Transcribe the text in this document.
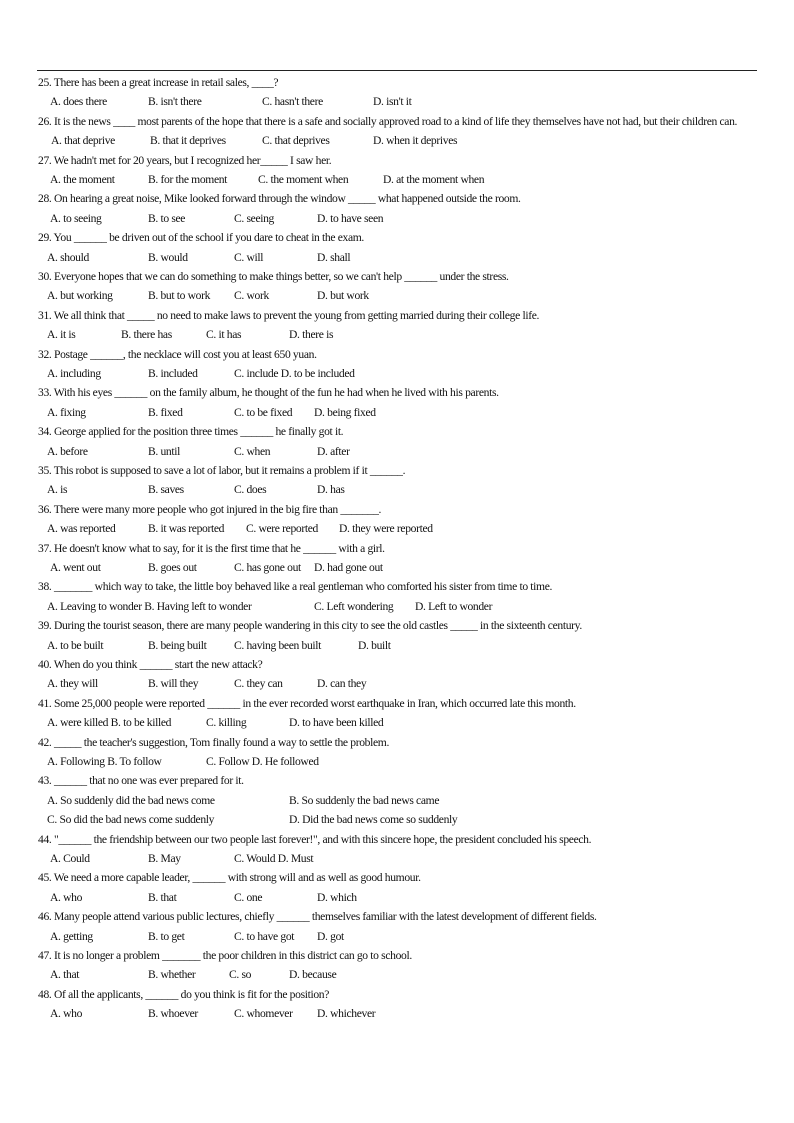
25. There has been a great increase in retail sales, ____?
A. does there	B. isn't there	C. hasn't there	D. isn't it
26. It is the news ____ most parents of the hope that there is a safe and socially approved road to a kind of life they themselves have not had, but their children can.
A. that deprive	B. that it deprives	C. that deprives	D. when it deprives
27. We hadn't met for 20 years, but I recognized her_____ I saw her.
A. the moment	B. for the moment	C. the moment when	D. at the moment when
28. On hearing a great noise, Mike looked forward through the window _____ what happened outside the room.
A. to seeing	B. to see	C. seeing	D. to have seen
29. You ______ be driven out of the school if you dare to cheat in the exam.
A. should	B. would	C. will	D. shall
30. Everyone hopes that we can do something to make things better, so we can't help ______ under the stress.
A. but working	B. but to work C. work	D. but work
31. We all think that _____ no need to make laws to prevent the young from getting married during their college life.
A. it is	B. there has	C. it has	D. there is
32. Postage ______, the necklace will cost you at least 650 yuan.
A. including	B. included	C. include D. to be included
33. With his eyes ______ on the family album, he thought of the fun he had when he lived with his parents.
A. fixing	B. fixed	C. to be fixed D. being fixed
34. George applied for the position three times ______ he finally got it.
A. before	B. until	C. when	D. after
35. This robot is supposed to save a lot of labor, but it remains a problem if it ______.
A. is	B. saves	C. does	D. has
36. There were many more people who got injured in the big fire than _______.
A. was reported	B. it was reported C. were reported D. they were reported
37. He doesn't know what to say, for it is the first time that he ______ with a girl.
A. went out	B. goes out	C. has gone out D. had gone out
38. _______ which way to take, the little boy behaved like a real gentleman who comforted his sister from time to time.
A. Leaving to wonder B. Having left to wonder	C. Left wondering D. Left to wonder
39. During the tourist season, there are many people wandering in this city to see the old castles _____ in the sixteenth century.
A. to be built	B. being built C. having been built	D. built
40. When do you think ______ start the new attack?
A. they will	B. will they	C. they can	D. can they
41. Some 25,000 people were reported ______ in the ever recorded worst earthquake in Iran, which occurred late this month.
A. were killed B. to be killed	C. killing	D. to have been killed
42. _____ the teacher's suggestion, Tom finally found a way to settle the problem.
A. Following B. To follow	C. Follow D. He followed
43. ______ that no one was ever prepared for it.
A. So suddenly did the bad news come	B. So suddenly the bad news came
C. So did the bad news come suddenly	D. Did the bad news come so suddenly
44. "______ the friendship between our two people last forever!", and with this sincere hope, the president concluded his speech.
A. Could	B. May	C. Would D. Must
45. We need a more capable leader, ______ with strong will and as well as good humour.
A. who	B. that	C. one	D. which
46. Many people attend various public lectures, chiefly ______ themselves familiar with the latest development of different fields.
A. getting	B. to get	C. to have got D. got
47. It is no longer a problem _______ the poor children in this district can go to school.
A. that	B. whether	C. so	D. because
48. Of all the applicants, ______ do you think is fit for the position?
A. who	B. whoever	C. whomever D. whichever
